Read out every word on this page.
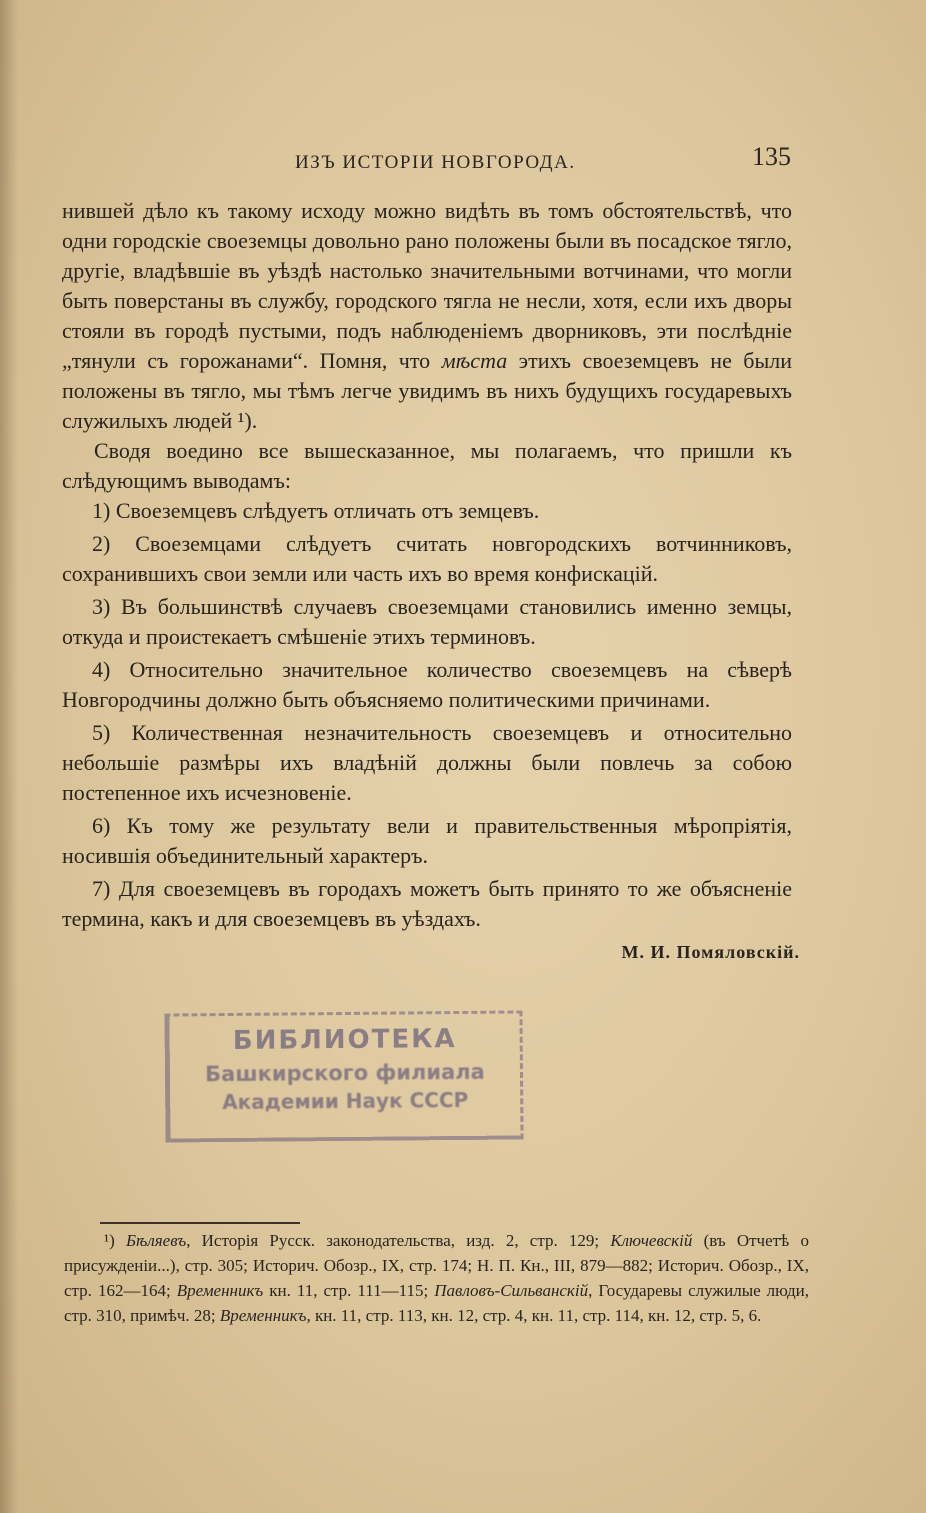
ИЗЪ ИСТОРІИ НОВГОРОДА.	135

нившей дѣло къ такому исходу можно видѣть въ томъ обстоятельствѣ, что одни городскіе своеземцы довольно рано положены были въ посадское тягло, другіе, владѣвшіе въ уѣздѣ настолько значительными вотчинами, что могли быть поверстаны въ службу, городского тягла не несли, хотя, если ихъ дворы стояли въ городѣ пустыми, подъ наблюденіемъ дворниковъ, эти послѣдніе „тянули съ горожанами“. Помня, что мѣста этихъ своеземцевъ не были положены въ тягло, мы тѣмъ легче увидимъ въ нихъ будущихъ государевыхъ служилыхъ людей ¹).

Сводя воедино все вышесказанное, мы полагаемъ, что пришли къ слѣдующимъ выводамъ:

1) Своеземцевъ слѣдуетъ отличать отъ земцевъ.

2) Своеземцами слѣдуетъ считать новгородскихъ вотчинниковъ, сохранившихъ свои земли или часть ихъ во время конфискацій.

3) Въ большинствѣ случаевъ своеземцами становились именно земцы, откуда и проистекаетъ смѣшеніе этихъ терминовъ.

4) Относительно значительное количество своеземцевъ на сѣверѣ Новгородчины должно быть объясняемо политическими причинами.

5) Количественная незначительность своеземцевъ и относительно небольшіе размѣры ихъ владѣній должны были повлечь за собою постепенное ихъ исчезновеніе.

6) Къ тому же результату вели и правительственныя мѣропріятія, носившія объединительный характеръ.

7) Для своеземцевъ въ городахъ можетъ быть принято то же объясненіе термина, какъ и для своеземцевъ въ уѣздахъ.

М. И. Помяловскій.
БИБЛИОТЕКА
Башкирского филиала
Академии Наук СССР

¹) Бѣляевъ, Исторія Русск. законодательства, изд. 2, стр. 129; Ключевскій (въ Отчетѣ о присужденіи...), стр. 305; Историч. Обозр., IX, стр. 174; Н. П. Кн., III, 879—882; Историч. Обозр., IX, стр. 162—164; Временникъ кн. 11, стр. 111—115; Павловъ-Сильванскій, Государевы служилые люди, стр. 310, примѣч. 28; Временникъ, кн. 11, стр. 113, кн. 12, стр. 4, кн. 11, стр. 114, кн. 12, стр. 5, 6.
